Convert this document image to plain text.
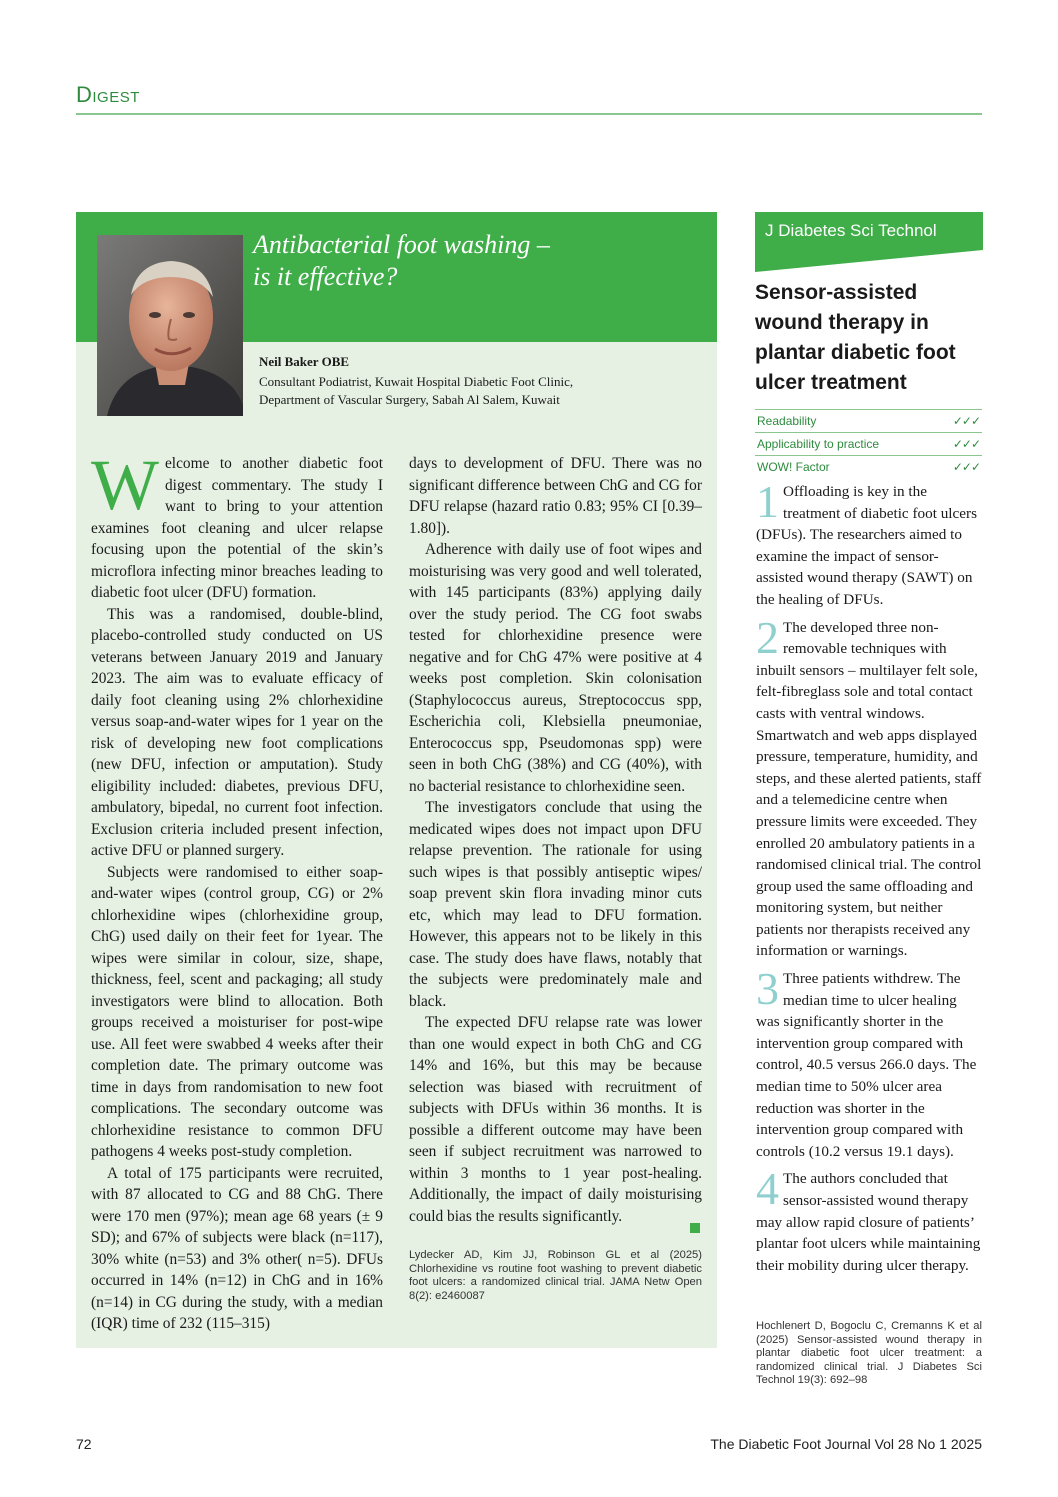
Digest
Antibacterial foot washing –
is it effective?
Neil Baker OBE
Consultant Podiatrist, Kuwait Hospital Diabetic Foot Clinic,
Department of Vascular Surgery, Sabah Al Salem, Kuwait

Welcome to another diabetic foot digest commentary. The study I want to bring to your attention examines foot cleaning and ulcer relapse focusing upon the potential of the skin’s microflora infecting minor breaches leading to diabetic foot ulcer (DFU) formation.

This was a randomised, double-blind, placebo-controlled study conducted on US veterans between January 2019 and January 2023. The aim was to evaluate efficacy of daily foot cleaning using 2% chlorhexidine versus soap-and-water wipes for 1 year on the risk of developing new foot complications (new DFU, infection or amputation). Study eligibility included: diabetes, previous DFU, ambulatory, bipedal, no current foot infection. Exclusion criteria included present infection, active DFU or planned surgery.

Subjects were randomised to either soap-and-water wipes (control group, CG) or 2% chlorhexidine wipes (chlorhexidine group, ChG) used daily on their feet for 1year. The wipes were similar in colour, size, shape, thickness, feel, scent and packaging; all study investigators were blind to allocation. Both groups received a moisturiser for post-wipe use. All feet were swabbed 4 weeks after their completion date. The primary outcome was time in days from randomisation to new foot complications. The secondary outcome was chlorhexidine resistance to common DFU pathogens 4 weeks post-study completion.

A total of 175 participants were recruited, with 87 allocated to CG and 88 ChG. There were 170 men (97%); mean age 68 years (± 9 SD); and 67% of subjects were black (n=117), 30% white (n=53) and 3% other( n=5). DFUs occurred in 14% (n=12) in ChG and in 16% (n=14) in CG during the study, with a median (IQR) time of 232 (115–315)

days to development of DFU. There was no significant difference between ChG and CG for DFU relapse (hazard ratio 0.83; 95% CI [0.39–1.80]).

Adherence with daily use of foot wipes and moisturising was very good and well tolerated, with 145 participants (83%) applying daily over the study period. The CG foot swabs tested for chlorhexidine presence were negative and for ChG 47% were positive at 4 weeks post completion. Skin colonisation (Staphylococcus aureus, Streptococcus spp, Escherichia coli, Klebsiella pneumoniae, Enterococcus spp, Pseudomonas spp) were seen in both ChG (38%) and CG (40%), with no bacterial resistance to chlorhexidine seen.

The investigators conclude that using the medicated wipes does not impact upon DFU relapse prevention. The rationale for using such wipes is that possibly antiseptic wipes/ soap prevent skin flora invading minor cuts etc, which may lead to DFU formation. However, this appears not to be likely in this case. The study does have flaws, notably that the subjects were predominately male and black.

The expected DFU relapse rate was lower than one would expect in both ChG and CG 14% and 16%, but this may be because selection was biased with recruitment of subjects with DFUs within 36 months. It is possible a different outcome may have been seen if subject recruitment was narrowed to within 3 months to 1 year post-healing. Additionally, the impact of daily moisturising could bias the results significantly.

Lydecker AD, Kim JJ, Robinson GL et al (2025) Chlorhexidine vs routine foot washing to prevent diabetic foot ulcers: a randomized clinical trial. JAMA Netw Open 8(2): e2460087
J Diabetes Sci Technol
Sensor-assisted wound therapy in plantar diabetic foot ulcer treatment
Readability	✓✓✓
Applicability to practice	✓✓✓
WOW! Factor	✓✓✓

1 Offloading is key in the treatment of diabetic foot ulcers (DFUs). The researchers aimed to examine the impact of sensor-assisted wound therapy (SAWT) on the healing of DFUs.

2 The developed three non-removable techniques with inbuilt sensors – multilayer felt sole, felt-fibreglass sole and total contact casts with ventral windows. Smartwatch and web apps displayed pressure, temperature, humidity, and steps, and these alerted patients, staff and a telemedicine centre when pressure limits were exceeded. They enrolled 20 ambulatory patients in a randomised clinical trial. The control group used the same offloading and monitoring system, but neither patients nor therapists received any information or warnings.

3 Three patients withdrew. The median time to ulcer healing was significantly shorter in the intervention group compared with control, 40.5 versus 266.0 days. The median time to 50% ulcer area reduction was shorter in the intervention group compared with controls (10.2 versus 19.1 days).

4 The authors concluded that sensor-assisted wound therapy may allow rapid closure of patients’ plantar foot ulcers while maintaining their mobility during ulcer therapy.

Hochlenert D, Bogoclu C, Cremanns K et al (2025) Sensor-assisted wound therapy in plantar diabetic foot ulcer treatment: a randomized clinical trial. J Diabetes Sci Technol 19(3): 692–98
72	The Diabetic Foot Journal Vol 28 No 1 2025
